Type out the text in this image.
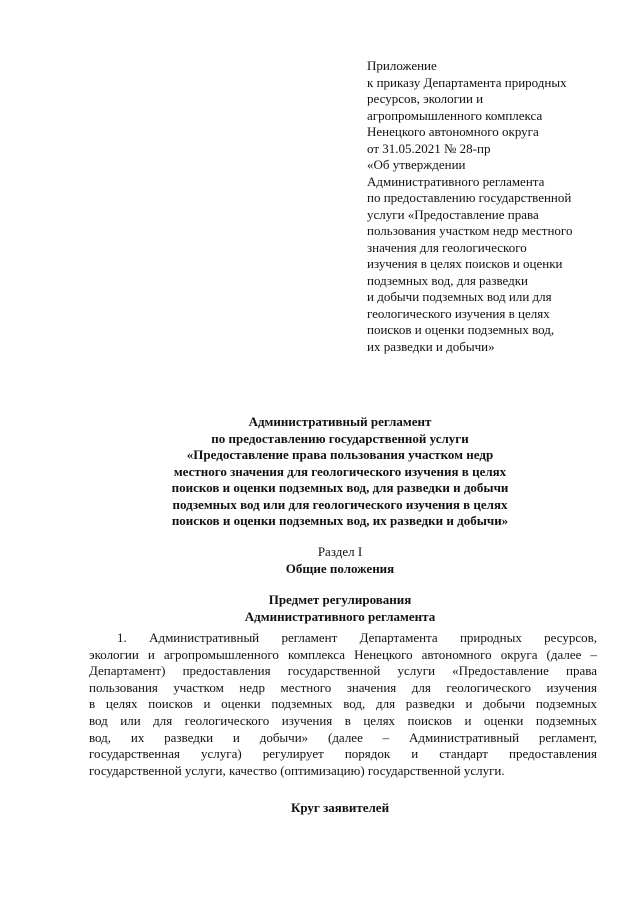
Приложение
к приказу Департамента природных
ресурсов, экологии и
агропромышленного комплекса
Ненецкого автономного округа
от 31.05.2021 № 28-пр
«Об утверждении
Административного регламента
по предоставлению государственной
услуги «Предоставление права
пользования участком недр местного
значения для геологического
изучения в целях поисков и оценки
подземных вод, для разведки
и добычи подземных вод или для
геологического изучения в целях
поисков и оценки подземных вод,
их разведки и добычи»
Административный регламент
по предоставлению государственной услуги
«Предоставление права пользования участком недр
местного значения для геологического изучения в целях
поисков и оценки подземных вод, для разведки и добычи
подземных вод или для геологического изучения в целях
поисков и оценки подземных вод, их разведки и добычи»
Раздел I
Общие положения
Предмет регулирования
Административного регламента
1. Административный регламент Департамента природных ресурсов,
экологии и агропромышленного комплекса Ненецкого автономного округа (далее –
Департамент) предоставления государственной услуги «Предоставление права
пользования участком недр местного значения для геологического изучения
в целях поисков и оценки подземных вод, для разведки и добычи подземных
вод или для геологического изучения в целях поисков и оценки подземных
вод, их разведки и добычи» (далее – Административный регламент,
государственная услуга) регулирует порядок и стандарт предоставления
государственной услуги, качество (оптимизацию) государственной услуги.
Круг заявителей
